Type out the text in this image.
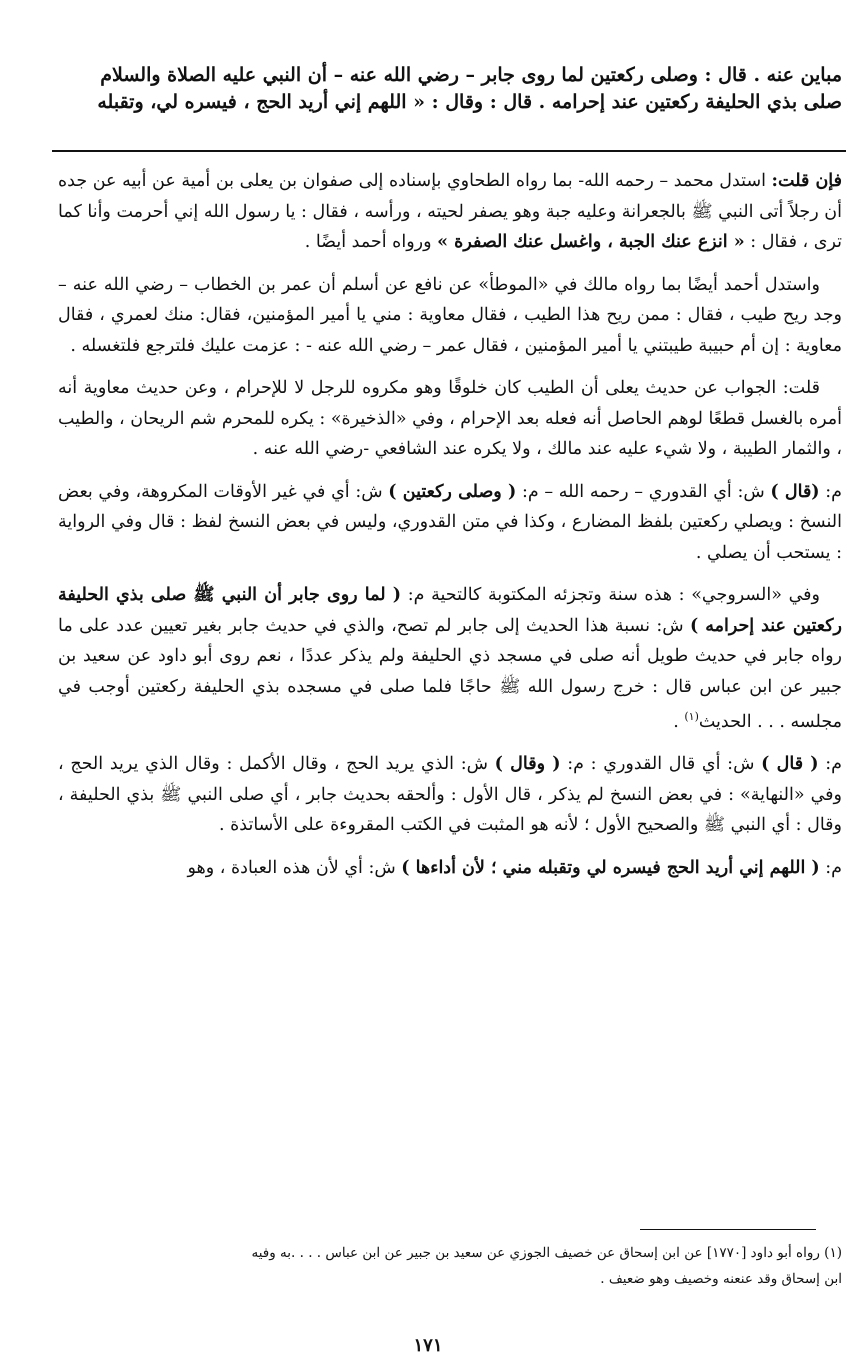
مباين عنه . قال : وصلى ركعتين لما روى جابر – رضي الله عنه – أن النبي عليه الصلاة والسلام

صلى بذي الحليفة ركعتين عند إحرامه . قال : وقال : « اللهم إني أريد الحج ، فيسره لي، وتقبله

فإن قلت: استدل محمد – رحمه الله- بما رواه الطحاوي بإسناده إلى صفوان بن يعلى بن أمية عن أبيه عن جده أن رجلاً أتى النبي ﷺ بالجعرانة وعليه جبة وهو يصفر لحيته ، ورأسه ، فقال : يا رسول الله إني أحرمت وأنا كما ترى ، فقال : « انزع عنك الجبة ، واغسل عنك الصفرة » ورواه أحمد أيضًا .

واستدل أحمد أيضًا بما رواه مالك في «الموطأ» عن نافع عن أسلم أن عمر بن الخطاب – رضي الله عنه – وجد ريح طيب ، فقال : ممن ريح هذا الطيب ، فقال معاوية : مني يا أمير المؤمنين، فقال: منك لعمري ، فقال معاوية : إن أم حبيبة طيبتني يا أمير المؤمنين ، فقال عمر – رضي الله عنه - : عزمت عليك فلترجع فلتغسله .

قلت: الجواب عن حديث يعلى أن الطيب كان خلوقًا وهو مكروه للرجل لا للإحرام ، وعن حديث معاوية أنه أمره بالغسل قطعًا لوهم الحاصل أنه فعله بعد الإحرام ، وفي «الذخيرة» : يكره للمحرم شم الريحان ، والطيب ، والثمار الطيبة ، ولا شيء عليه عند مالك ، ولا يكره عند الشافعي -رضي الله عنه .

م: (قال ) ش: أي القدوري – رحمه الله – م: ( وصلى ركعتين ) ش: أي في غير الأوقات المكروهة، وفي بعض النسخ : ويصلي ركعتين بلفظ المضارع ، وكذا في متن القدوري، وليس في بعض النسخ لفظ : قال وفي الرواية : يستحب أن يصلي .

وفي «السروجي» : هذه سنة وتجزئه المكتوبة كالتحية م: ( لما روى جابر أن النبي ﷺ صلى بذي الحليفة ركعتين عند إحرامه ) ش: نسبة هذا الحديث إلى جابر لم تصح، والذي في حديث جابر بغير تعيين عدد على ما رواه جابر في حديث طويل أنه صلى في مسجد ذي الحليفة ولم يذكر عددًا ، نعم روى أبو داود عن سعيد بن جبير عن ابن عباس قال : خرج رسول الله ﷺ حاجًا فلما صلى في مسجده بذي الحليفة ركعتين أوجب في مجلسه . . . الحديث$^{(١)}$ .

م: ( قال ) ش: أي قال القدوري : م: ( وقال ) ش: الذي يريد الحج ، وقال الأكمل : وقال الذي يريد الحج ، وفي «النهاية» : في بعض النسخ لم يذكر ، قال الأول : وألحقه بحديث جابر ، أي صلى النبي ﷺ بذي الحليفة ، وقال : أي النبي ﷺ والصحيح الأول ؛ لأنه هو المثبت في الكتب المقروءة على الأساتذة .

م: ( اللهم إني أريد الحج فيسره لي وتقبله مني ؛ لأن أداءها ) ش: أي لأن هذه العبادة ، وهو

(١) رواه أبو داود [١٧٧٠] عن ابن إسحاق عن خصيف الجوزي عن سعيد بن جبير عن ابن عباس . . . .به وفيه

ابن إسحاق وقد عنعنه وخصيف وهو ضعيف .

١٧١
